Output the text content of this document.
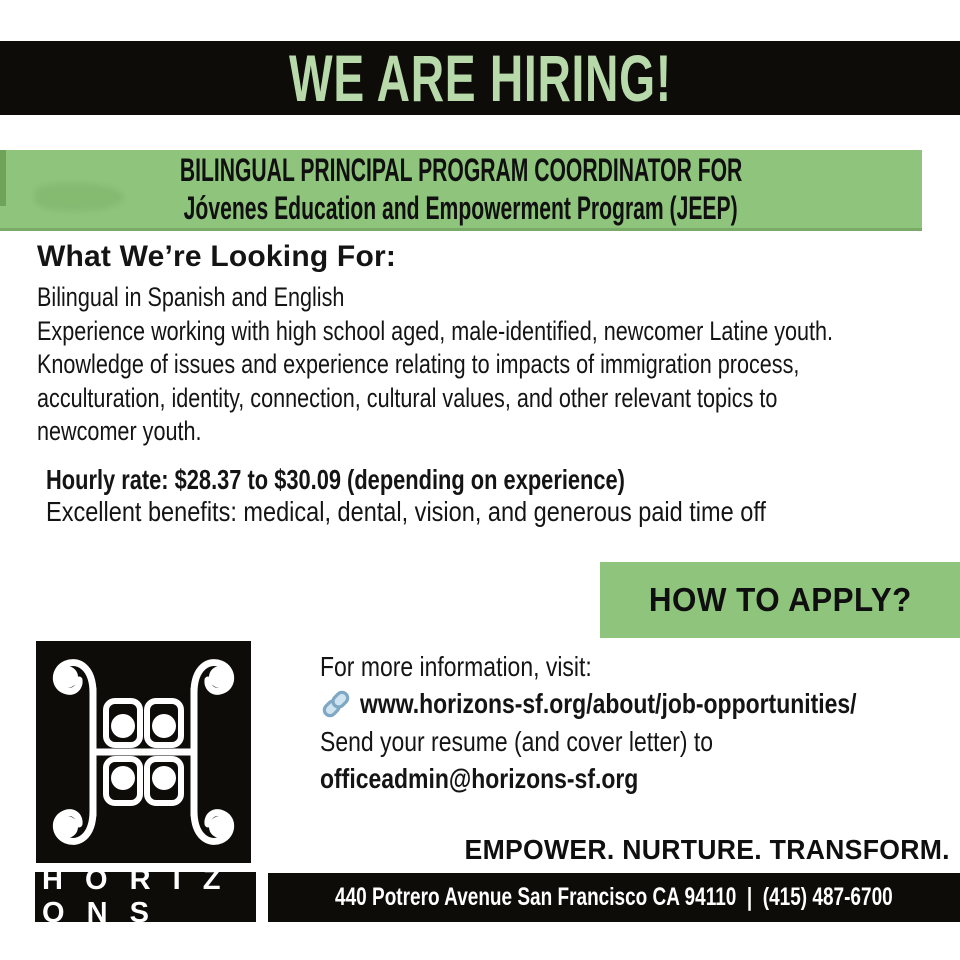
WE ARE HIRING!
BILINGUAL PRINCIPAL PROGRAM COORDINATOR FOR
Jóvenes Education and Empowerment Program (JEEP)
What We’re Looking For:
Bilingual in Spanish and English
Experience working with high school aged, male-identified, newcomer Latine youth.
Knowledge of issues and experience relating to impacts of immigration process,
acculturation, identity, connection, cultural values, and other relevant topics to
newcomer youth.
Hourly rate: $28.37 to $30.09 (depending on experience)
Excellent benefits: medical, dental, vision, and generous paid time off
HOW TO APPLY?
H O R I Z O N S
For more information, visit:
www.horizons-sf.org/about/job-opportunities/
Send your resume (and cover letter) to
officeadmin@horizons-sf.org
EMPOWER. NURTURE. TRANSFORM.
440 Potrero Avenue San Francisco CA 94110  |  (415) 487-6700
